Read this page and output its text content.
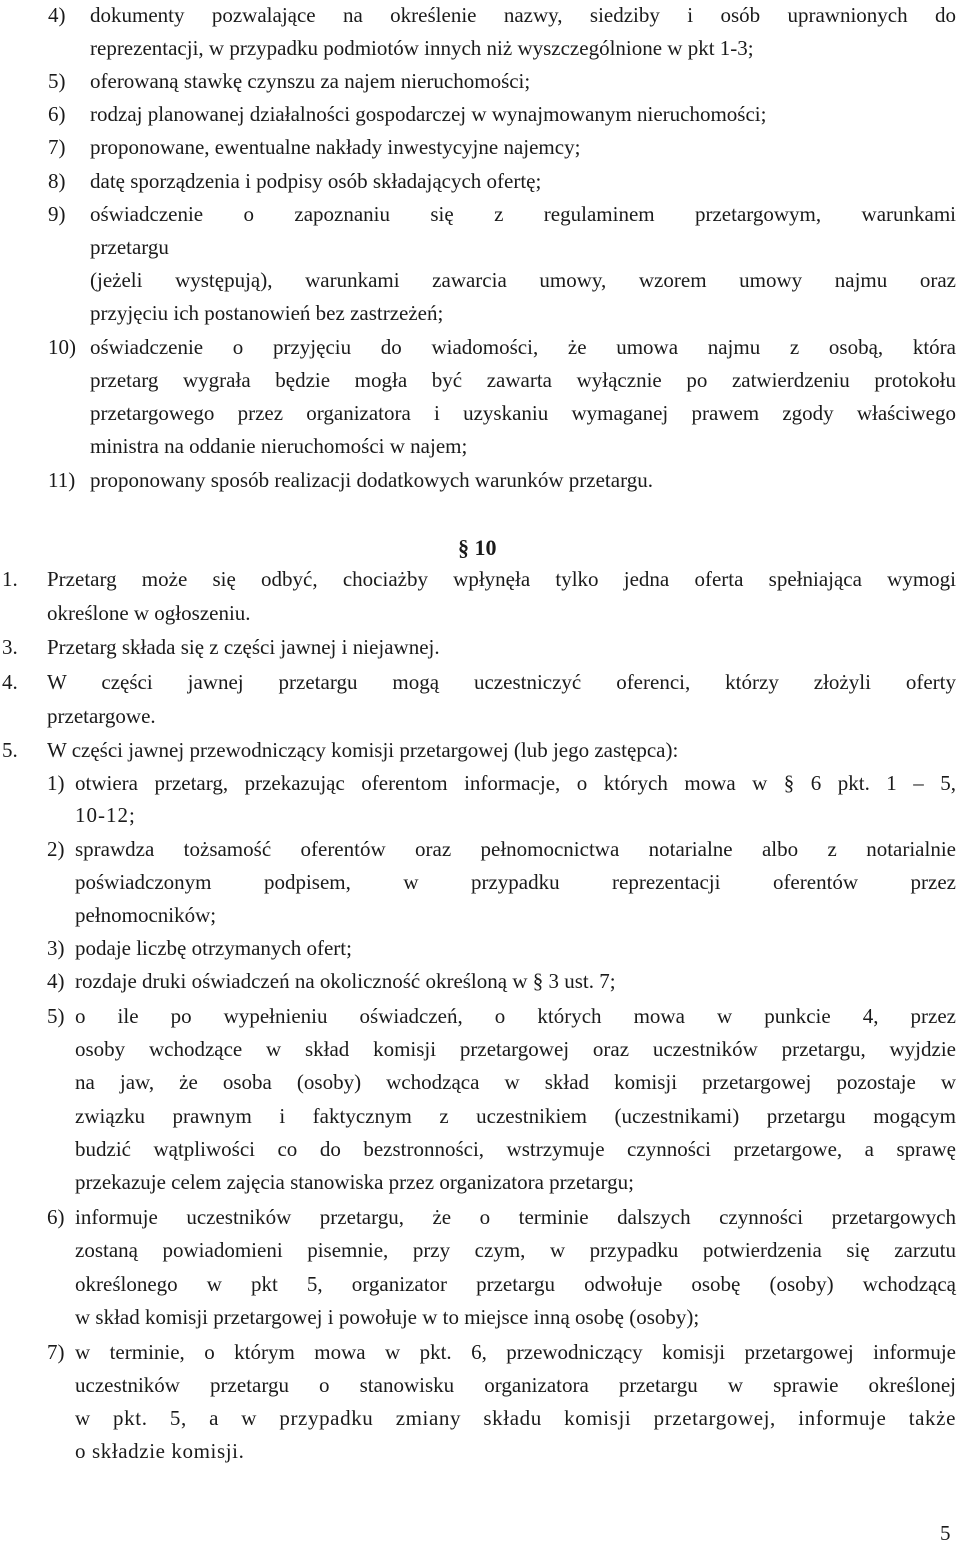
4) dokumenty pozwalające na określenie nazwy, siedziby i osób uprawnionych do
reprezentacji, w przypadku podmiotów innych niż wyszczególnione w pkt 1-3;
5) oferowaną stawkę czynszu za najem nieruchomości;
6) rodzaj planowanej działalności gospodarczej w wynajmowanym nieruchomości;
7) proponowane, ewentualne nakłady inwestycyjne najemcy;
8) datę sporządzenia i podpisy osób składających ofertę;
9) oświadczenie o zapoznaniu się z regulaminem przetargowym, warunkami
przetargu
(jeżeli występują), warunkami zawarcia umowy, wzorem umowy najmu oraz
przyjęciu ich postanowień bez zastrzeżeń;
10) oświadczenie o przyjęciu do wiadomości, że umowa najmu z osobą, która
przetarg wygrała będzie mogła być zawarta wyłącznie po zatwierdzeniu protokołu
przetargowego przez organizatora i uzyskaniu wymaganej prawem zgody właściwego
ministra na oddanie nieruchomości w najem;
11) proponowany sposób realizacji dodatkowych warunków przetargu.
§ 10
1. Przetarg może się odbyć, chociażby wpłynęła tylko jedna oferta spełniająca wymogi
określone w ogłoszeniu.
3. Przetarg składa się z części jawnej i niejawnej.
4. W części jawnej przetargu mogą uczestniczyć oferenci, którzy złożyli oferty
przetargowe.
5. W części jawnej przewodniczący komisji przetargowej (lub jego zastępca):
1) otwiera przetarg, przekazując oferentom informacje, o których mowa w § 6 pkt. 1 – 5,
10-12;
2) sprawdza tożsamość oferentów oraz pełnomocnictwa notarialne albo z notarialnie
poświadczonym podpisem, w przypadku reprezentacji oferentów przez
pełnomocników;
3) podaje liczbę otrzymanych ofert;
4) rozdaje druki oświadczeń na okoliczność określoną w § 3 ust. 7;
5) o ile po wypełnieniu oświadczeń, o których mowa w punkcie 4, przez
osoby wchodzące w skład komisji przetargowej oraz uczestników przetargu, wyjdzie
na jaw, że osoba (osoby) wchodząca w skład komisji przetargowej pozostaje w
związku prawnym i faktycznym z uczestnikiem (uczestnikami) przetargu mogącym
budzić wątpliwości co do bezstronności, wstrzymuje czynności przetargowe, a sprawę
przekazuje celem zajęcia stanowiska przez organizatora przetargu;
6) informuje uczestników przetargu, że o terminie dalszych czynności przetargowych
zostaną powiadomieni pisemnie, przy czym, w przypadku potwierdzenia się zarzutu
określonego w pkt 5, organizator przetargu odwołuje osobę (osoby) wchodzącą
w skład komisji przetargowej i powołuje w to miejsce inną osobę (osoby);
7) w terminie, o którym mowa w pkt. 6, przewodniczący komisji przetargowej informuje
uczestników przetargu o stanowisku organizatora przetargu w sprawie określonej
w pkt. 5, a w przypadku zmiany składu komisji przetargowej, informuje także
o składzie komisji.
5
